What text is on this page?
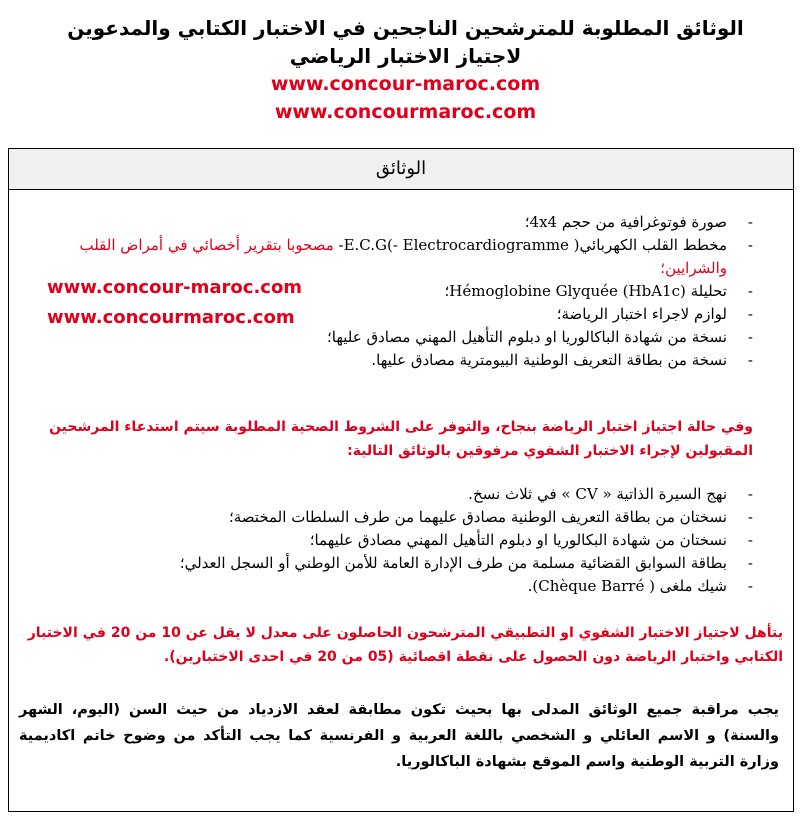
الوثائق المطلوبة للمترشحين الناجحين في الاختبار الكتابي والمدعوين
لاجتياز الاختبار الرياضي
www.concour-maroc.com
www.concourmaroc.com
الوثائق
- صورة فوتوغرافية من حجم 4x4؛
- مخطط القلب الكهربائيE.C.G(- Electrocardiogramme )- مصحوبا بتقرير أخصائي في أمراض القلب والشرايين؛
- تحليلة Hémoglobine Glyquée (HbA1c)؛
- لوازم لاجراء اختبار الرياضة؛
- نسخة من شهادة الباكالوريا او دبلوم التأهيل المهني مصادق عليها؛
- نسخة من بطاقة التعريف الوطنية البيومترية مصادق عليها.
www.concour-maroc.com
www.concourmaroc.com
وفي حالة اجتياز اختبار الرياضة بنجاح، والتوفر على الشروط الصحية المطلوبة سيتم استدعاء المرشحين المقبولين لإجراء الاختبار الشفوي مرفوقين بالوثائق التالية:
- نهج السيرة الذاتية « CV » في ثلاث نسخ.
- نسختان من بطاقة التعريف الوطنية مصادق عليهما من طرف السلطات المختصة؛
- نسختان من شهادة البكالوريا او دبلوم التأهيل المهني مصادق عليهما؛
- بطاقة السوابق القضائية مسلمة من طرف الإدارة العامة للأمن الوطني أو السجل العدلي؛
- شيك ملغى ( Chèque Barré).
يتأهل لاجتياز الاختبار الشفوي او التطبيقي المترشحون الحاصلون على معدل لا يقل عن 10 من 20 في الاختبار الكتابي واختبار الرياضة دون الحصول على نقطة اقصائية (05 من 20 في احدى الاختبارين).
يجب مراقبة جميع الوثائق المدلى بها بحيث تكون مطابقة لعقد الازدياد من حيث السن (اليوم، الشهر والسنة) و الاسم العائلي و الشخصي باللغة العربية و الفرنسية كما يجب التأكد من وضوح خاتم اكاديمية وزارة التربية الوطنية واسم الموقع بشهادة الباكالوريا.
